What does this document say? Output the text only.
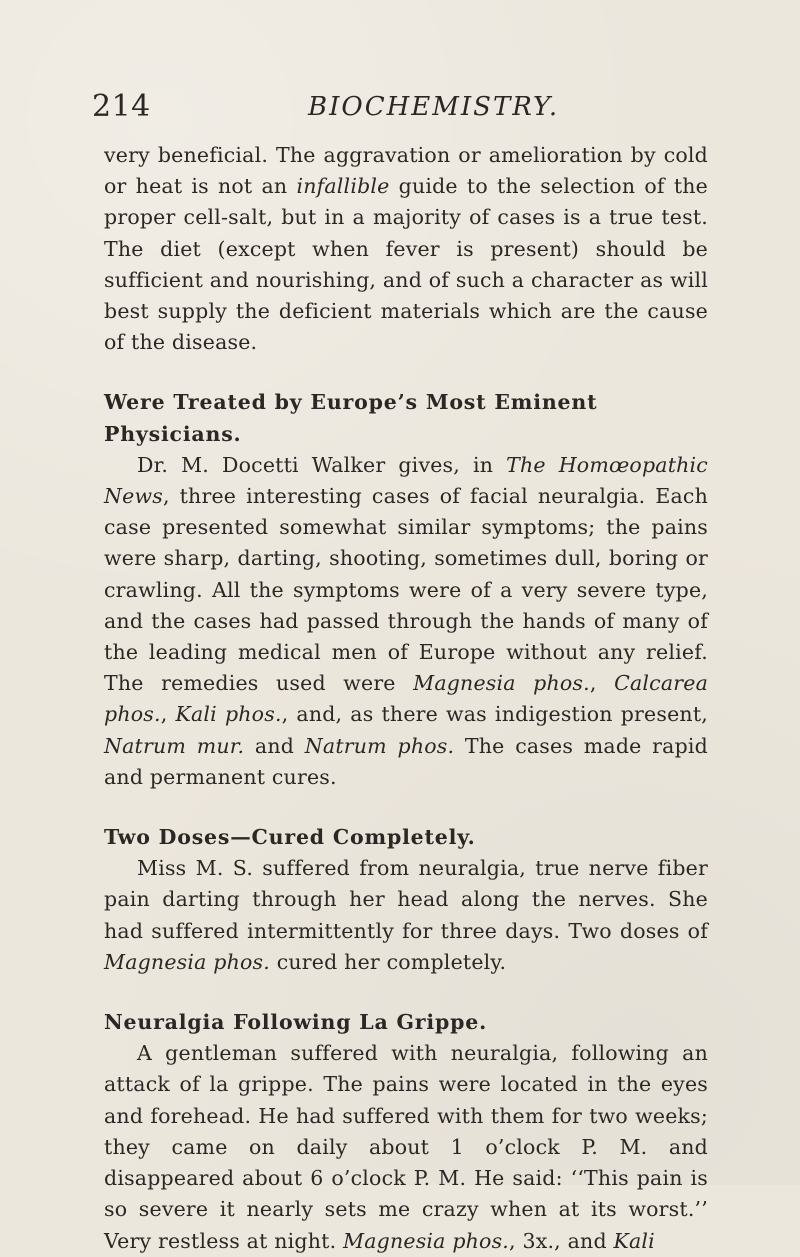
214	BIOCHEMISTRY.

very beneficial. The aggravation or amelioration by cold or heat is not an infallible guide to the selection of the proper cell-salt, but in a majority of cases is a true test. The diet (except when fever is present) should be sufficient and nourishing, and of such a character as will best supply the deficient materials which are the cause of the disease.

Were Treated by Europe’s Most Eminent Physicians.

Dr. M. Docetti Walker gives, in The Homœopathic News, three interesting cases of facial neuralgia. Each case presented somewhat similar symptoms; the pains were sharp, darting, shooting, sometimes dull, boring or crawling. All the symptoms were of a very severe type, and the cases had passed through the hands of many of the leading medical men of Europe without any relief. The remedies used were Magnesia phos., Calcarea phos., Kali phos., and, as there was indigestion present, Natrum mur. and Natrum phos. The cases made rapid and permanent cures.

Two Doses—Cured Completely.

Miss M. S. suffered from neuralgia, true nerve fiber pain darting through her head along the nerves. She had suffered intermittently for three days. Two doses of Magnesia phos. cured her completely.

Neuralgia Following La Grippe.

A gentleman suffered with neuralgia, following an attack of la grippe. The pains were located in the eyes and forehead. He had suffered with them for two weeks; they came on daily about 1 o’clock P. M. and disappeared about 6 o’clock P. M. He said: ‘‘This pain is so severe it nearly sets me crazy when at its worst.’’ Very restless at night. Magnesia phos., 3x., and Kali
